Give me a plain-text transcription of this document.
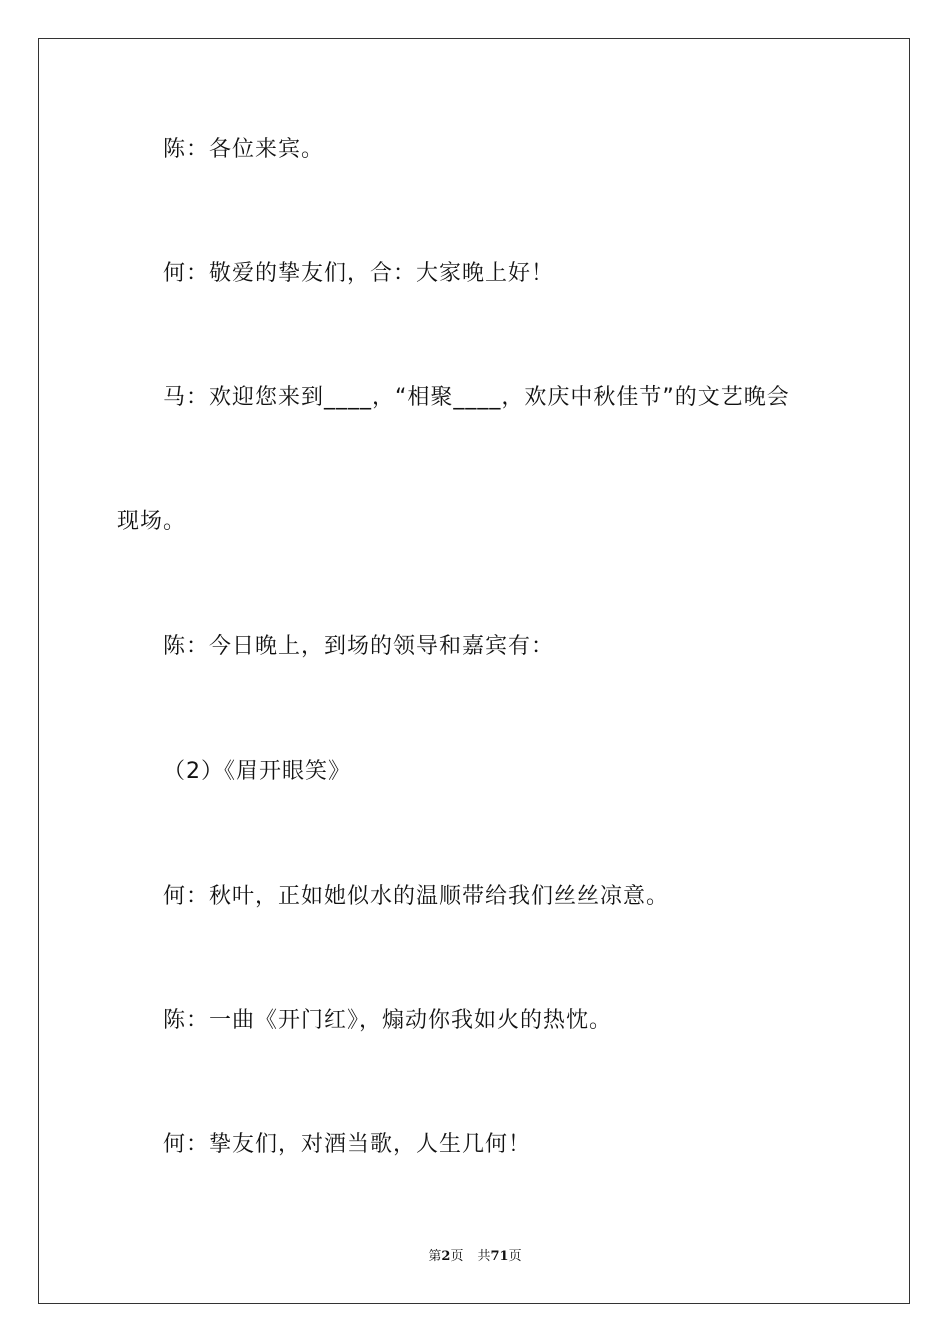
陈：各位来宾。
何：敬爱的挚友们，合：大家晚上好！
马：欢迎您来到____，“相聚____，欢庆中秋佳节”的文艺晚会
现场。
陈：今日晚上，到场的领导和嘉宾有：
（2）《眉开眼笑》
何：秋叶，正如她似水的温顺带给我们丝丝凉意。
陈：一曲《开门红》，煽动你我如火的热忱。
何：挚友们，对酒当歌，人生几何！
第2页 共71页
